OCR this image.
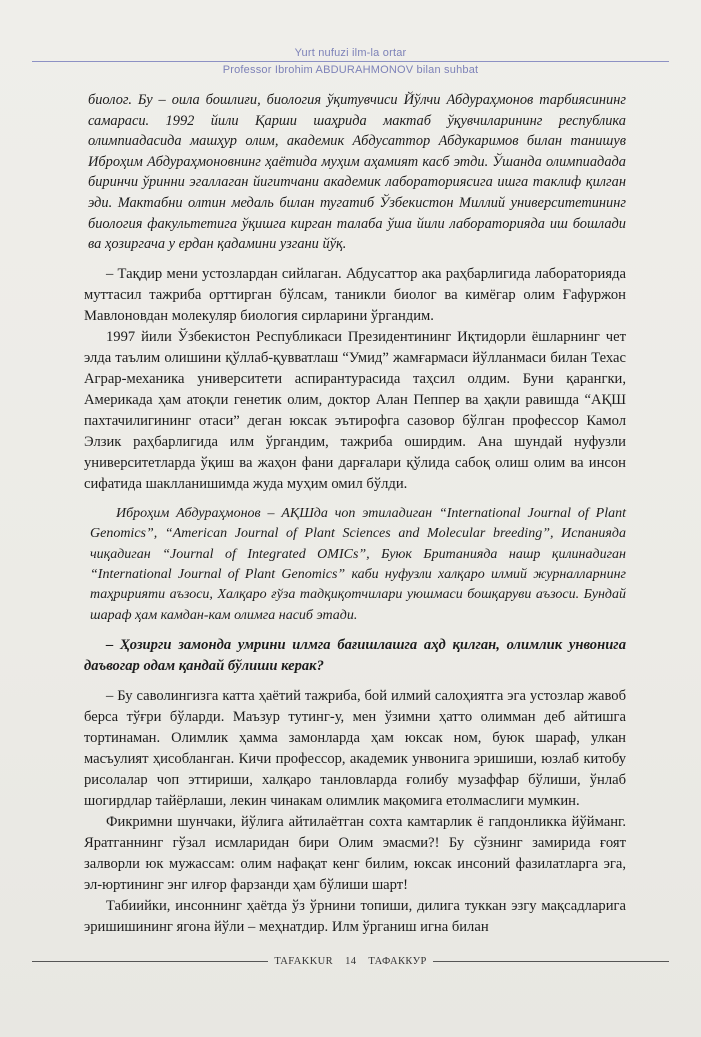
Yurt nufuzi ilm-la ortar
Professor Ibrohim ABDURAHMONOV bilan suhbat

биолог. Бу – оила бошлиғи, биология ўқитувчиси Йўлчи Абдураҳмонов тарбиясининг самараси. 1992 йили Қарши шаҳрида мактаб ўқувчиларининг республика олимпиадасида машҳур олим, академик Абдусаттор Абдукаримов билан танишув Иброҳим Абдураҳмоновнинг ҳаётида муҳим аҳамият касб этди. Ўшанда олимпиадада биринчи ўринни эгаллаган йигитчани академик лабораториясига ишга таклиф қилган эди. Мактабни олтин медаль билан тугатиб Ўзбекистон Миллий университетининг биология факультетига ўқишга кирган талаба ўша йили лабораторияда иш бошлади ва ҳозиргача у ердан қадамини узгани йўқ.

– Тақдир мени устозлардан сийлаган. Абдусаттор ака раҳбарлигида лабораторияда муттасил тажриба орттирган бўлсам, таникли биолог ва кимёгар олим Ғафуржон Мавлоновдан молекуляр биология сирларини ўргандим.

1997 йили Ўзбекистон Республикаси Президентининг Иқтидорли ёшларнинг чет элда таълим олишини қўллаб-қувватлаш “Умид” жамғармаси йўлланмаси билан Техас Аграр-механика университети аспирантурасида таҳсил олдим. Буни қарангки, Америкада ҳам атоқли генетик олим, доктор Алан Пеппер ва ҳақли равишда “АҚШ пахтачилигининг отаси” деган юксак эътирофга сазовор бўлган профессор Камол Элзик раҳбарлигида илм ўргандим, тажриба оширдим. Ана шундай нуфузли университетларда ўқиш ва жаҳон фани дарғалари қўлида сабоқ олиш олим ва инсон сифатида шаклланишимда жуда муҳим омил бўлди.

Иброҳим Абдураҳмонов – АҚШда чоп этиладиган “International Journal of Plant Genomics”, “American Journal of Plant Sciences and Molecular breeding”, Испанияда чиқадиган “Journal of Integrated OMICs”, Буюк Британияда нашр қилинадиган “International Journal of Plant Genomics” каби нуфузли халқаро илмий журналларнинг таҳририяти аъзоси, Халқаро ғўза тадқиқотчилари уюшмаси бошқаруви аъзоси. Бундай шараф ҳам камдан-кам олимга насиб этади.

– Ҳозирги замонда умрини илмга бағишлашга аҳд қилган, олимлик унвонига даъвогар одам қандай бўлиши керак?

– Бу саволингизга катта ҳаётий тажриба, бой илмий салоҳиятга эга устозлар жавоб берса тўғри бўларди. Маъзур тутинг-у, мен ўзимни ҳатто олимман деб айтишга тортинаман. Олимлик ҳамма замонларда ҳам юксак ном, буюк шараф, улкан масъулият ҳисобланган. Кичи профессор, академик унвонига эришиши, юзлаб китобу рисолалар чоп эттириши, халқаро танловларда ғолибу музаффар бўлиши, ўнлаб шогирдлар тайёрлаши, лекин чинакам олимлик мақомига етолмаслиги мумкин.

Фикримни шунчаки, йўлига айтилаётган сохта камтарлик ё гапдонликка йўйманг. Яратганнинг гўзал исмларидан бири Олим эмасми?! Бу сўзнинг замирида ғоят залворли юк мужассам: олим нафақат кенг билим, юксак инсоний фазилатларга эга, эл-юртининг энг илғор фарзанди ҳам бўлиши шарт!

Табиийки, инсоннинг ҳаётда ўз ўрнини топиши, дилига туккан эзгу мақсадларига эришишининг ягона йўли – меҳнатдир. Илм ўрганиш игна билан

TAFAKKUR	14	ТАФАККУР
